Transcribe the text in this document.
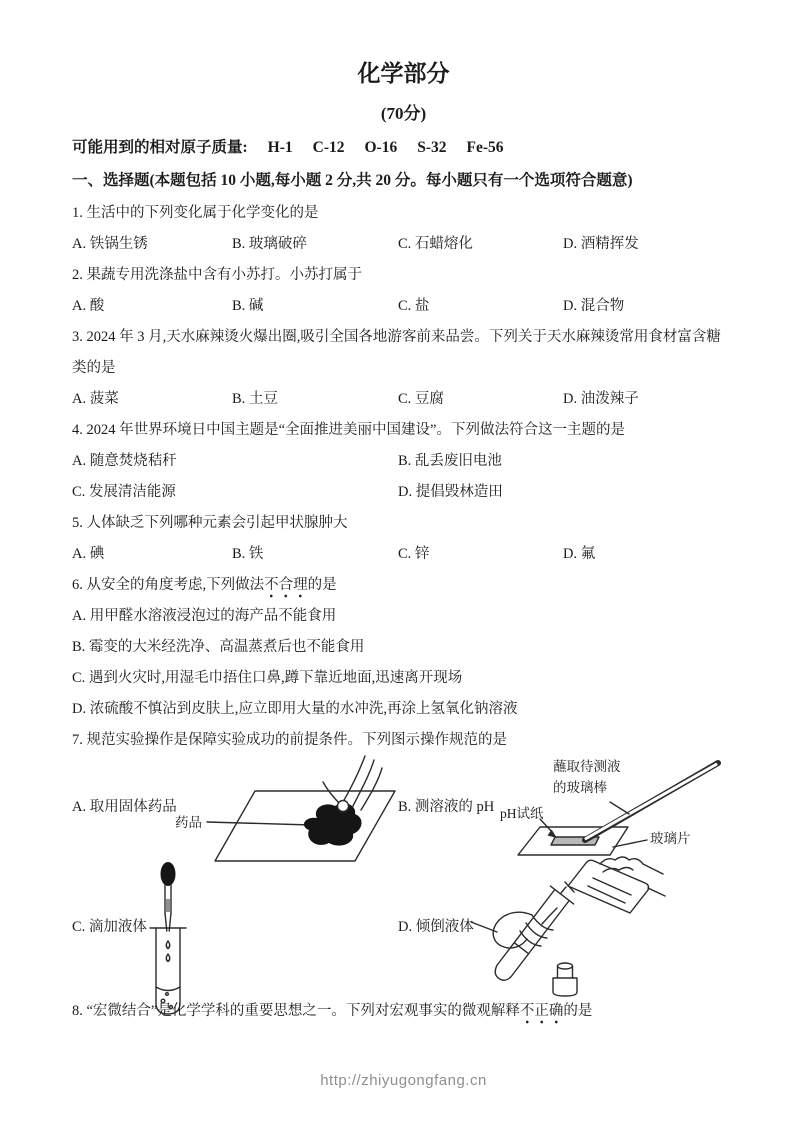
化学部分
(70分)
可能用到的相对原子质量: H-1 C-12 O-16 S-32 Fe-56
一、选择题(本题包括 10 小题,每小题 2 分,共 20 分。每小题只有一个选项符合题意)
1. 生活中的下列变化属于化学变化的是
A. 铁锅生锈	B. 玻璃破碎	C. 石蜡熔化	D. 酒精挥发
2. 果蔬专用洗涤盐中含有小苏打。小苏打属于
A. 酸	B. 碱	C. 盐	D. 混合物
3. 2024 年 3 月,天水麻辣烫火爆出圈,吸引全国各地游客前来品尝。下列关于天水麻辣烫常用食材富含糖
类的是
A. 菠菜	B. 土豆	C. 豆腐	D. 油泼辣子
4. 2024 年世界环境日中国主题是“全面推进美丽中国建设”。下列做法符合这一主题的是
A. 随意焚烧秸秆	B. 乱丢废旧电池
C. 发展清洁能源	D. 提倡毁林造田
5. 人体缺乏下列哪种元素会引起甲状腺肿大
A. 碘	B. 铁	C. 锌	D. 氟
6. 从安全的角度考虑,下列做法不合理的是
A. 用甲醛水溶液浸泡过的海产品不能食用
B. 霉变的大米经洗净、高温蒸煮后也不能食用
C. 遇到火灾时,用湿毛巾捂住口鼻,蹲下靠近地面,迅速离开现场
D. 浓硫酸不慎沾到皮肤上,应立即用大量的水冲洗,再涂上氢氧化钠溶液
7. 规范实验操作是保障实验成功的前提条件。下列图示操作规范的是
A. 取用固体药品	B. 测溶液的 pH
C. 滴加液体	D. 倾倒液体
药品
蘸取待测液
的玻璃棒
pH试纸
玻璃片
8. “宏微结合”是化学学科的重要思想之一。下列对宏观事实的微观解释不正确的是
http://zhiyugongfang.cn
